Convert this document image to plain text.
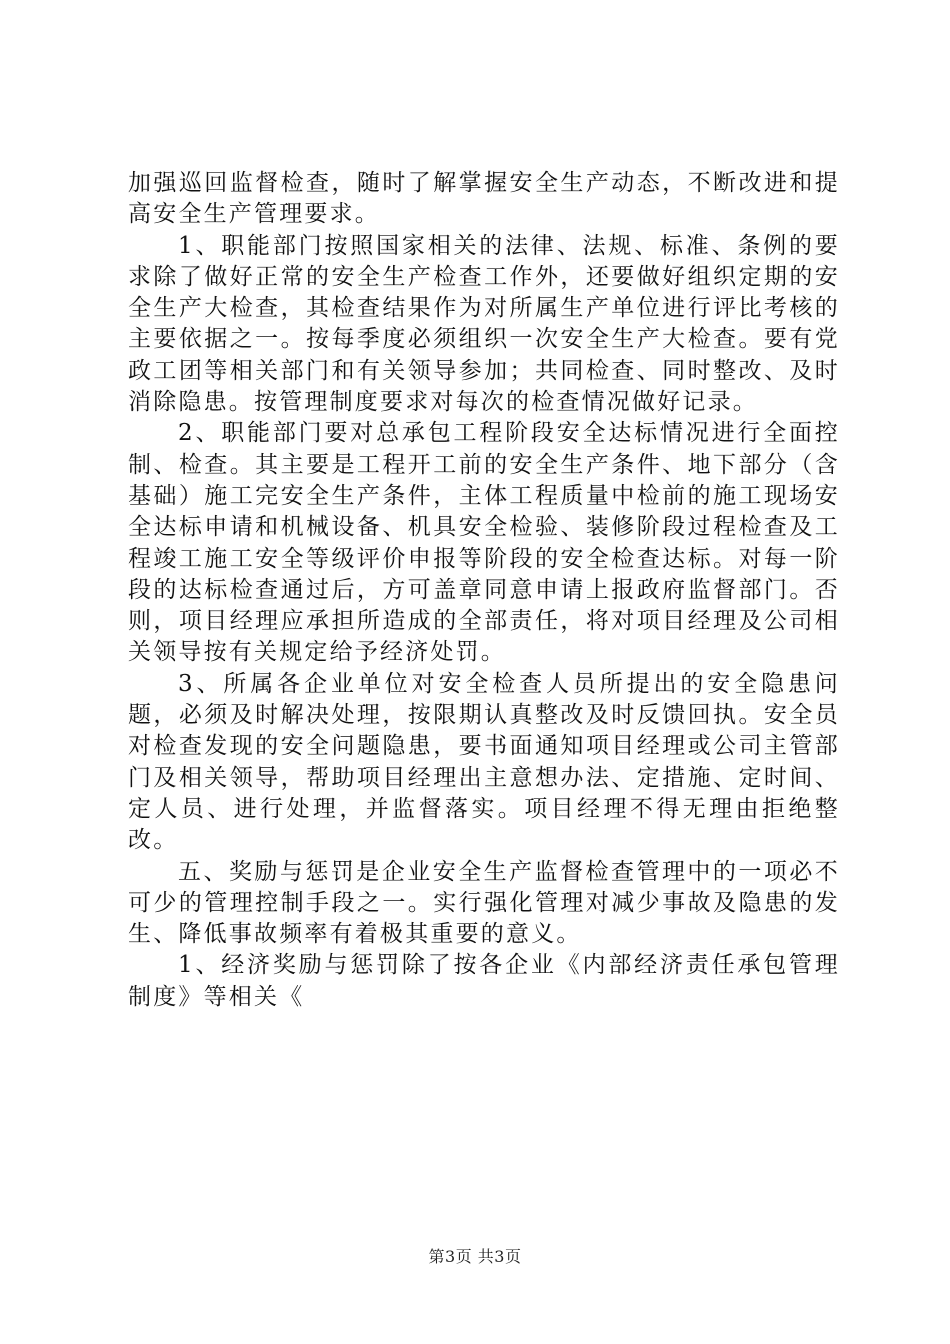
加强巡回监督检查，随时了解掌握安全生产动态，不断改进和提高安全生产管理要求。

1、职能部门按照国家相关的法律、法规、标准、条例的要求除了做好正常的安全生产检查工作外，还要做好组织定期的安全生产大检查，其检查结果作为对所属生产单位进行评比考核的主要依据之一。按每季度必须组织一次安全生产大检查。要有党政工团等相关部门和有关领导参加；共同检查、同时整改、及时消除隐患。按管理制度要求对每次的检查情况做好记录。

2、职能部门要对总承包工程阶段安全达标情况进行全面控制、检查。其主要是工程开工前的安全生产条件、地下部分（含基础）施工完安全生产条件，主体工程质量中检前的施工现场安全达标申请和机械设备、机具安全检验、装修阶段过程检查及工程竣工施工安全等级评价申报等阶段的安全检查达标。对每一阶段的达标检查通过后，方可盖章同意申请上报政府监督部门。否则，项目经理应承担所造成的全部责任，将对项目经理及公司相关领导按有关规定给予经济处罚。

3、所属各企业单位对安全检查人员所提出的安全隐患问题，必须及时解决处理，按限期认真整改及时反馈回执。安全员对检查发现的安全问题隐患，要书面通知项目经理或公司主管部门及相关领导，帮助项目经理出主意想办法、定措施、定时间、定人员、进行处理，并监督落实。项目经理不得无理由拒绝整改。

五、奖励与惩罚是企业安全生产监督检查管理中的一项必不可少的管理控制手段之一。实行强化管理对减少事故及隐患的发生、降低事故频率有着极其重要的意义。

1、经济奖励与惩罚除了按各企业《内部经济责任承包管理制度》等相关《

第3页 共3页
